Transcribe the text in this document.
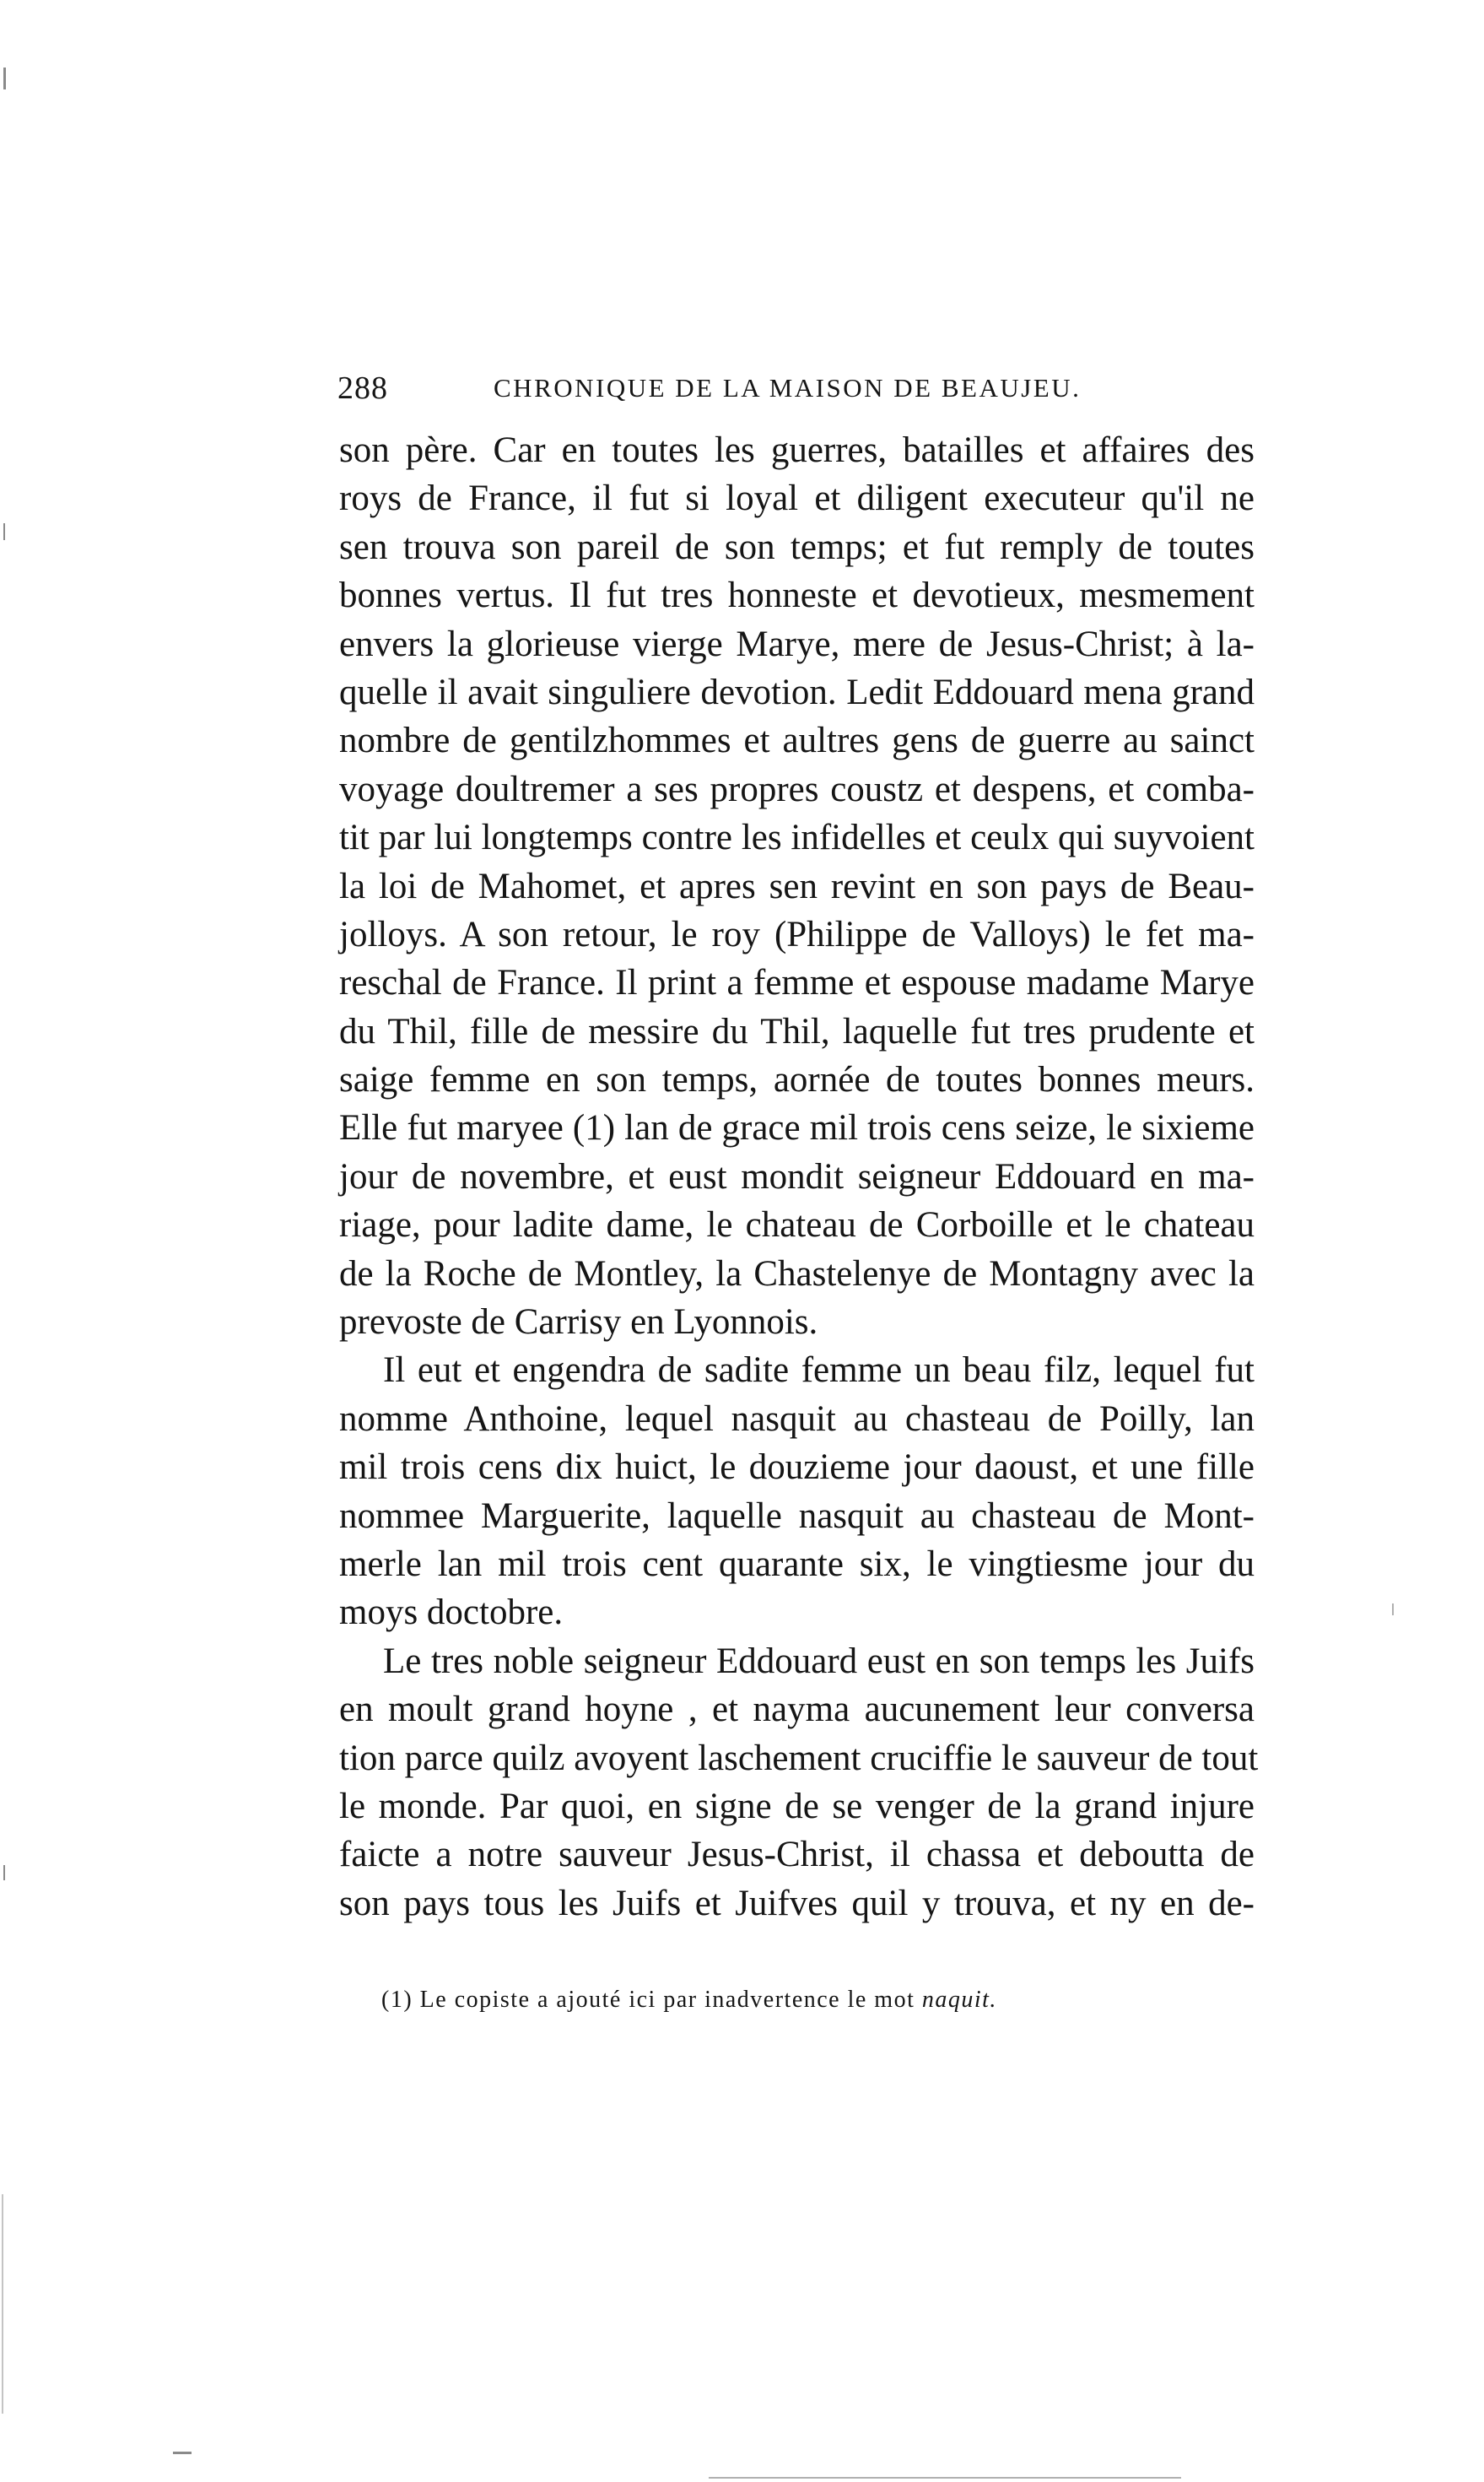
288	CHRONIQUE DE LA MAISON DE BEAUJEU.
son père. Car en toutes les guerres, batailles et affaires des
roys de France, il fut si loyal et diligent executeur qu'il ne
sen trouva son pareil de son temps; et fut remply de toutes
bonnes vertus. Il fut tres honneste et devotieux, mesmement
envers la glorieuse vierge Marye, mere de Jesus-Christ; à la-
quelle il avait singuliere devotion. Ledit Eddouard mena grand
nombre de gentilzhommes et aultres gens de guerre au sainct
voyage doultremer a ses propres coustz et despens, et comba-
tit par lui longtemps contre les infidelles et ceulx qui suyvoient
la loi de Mahomet, et apres sen revint en son pays de Beau-
jolloys. A son retour, le roy (Philippe de Valloys) le fet ma-
reschal de France. Il print a femme et espouse madame Marye
du Thil, fille de messire du Thil, laquelle fut tres prudente et
saige femme en son temps, aornée de toutes bonnes meurs.
Elle fut maryee (1) lan de grace mil trois cens seize, le sixieme
jour de novembre, et eust mondit seigneur Eddouard en ma-
riage, pour ladite dame, le chateau de Corboille et le chateau
de la Roche de Montley, la Chastelenye de Montagny avec la
prevoste de Carrisy en Lyonnois.
Il eut et engendra de sadite femme un beau filz, lequel fut
nomme Anthoine, lequel nasquit au chasteau de Poilly, lan
mil trois cens dix huict, le douzieme jour daoust, et une fille
nommee Marguerite, laquelle nasquit au chasteau de Mont-
merle lan mil trois cent quarante six, le vingtiesme jour du
moys doctobre.
Le tres noble seigneur Eddouard eust en son temps les Juifs
en moult grand hoyne , et nayma aucunement leur conversa
tion parce quilz avoyent laschement cruciffie le sauveur de tout
le monde. Par quoi, en signe de se venger de la grand injure
faicte a notre sauveur Jesus-Christ, il chassa et deboutta de
son pays tous les Juifs et Juifves quil y trouva, et ny en de-
(1) Le copiste a ajouté ici par inadvertence le mot naquit.
